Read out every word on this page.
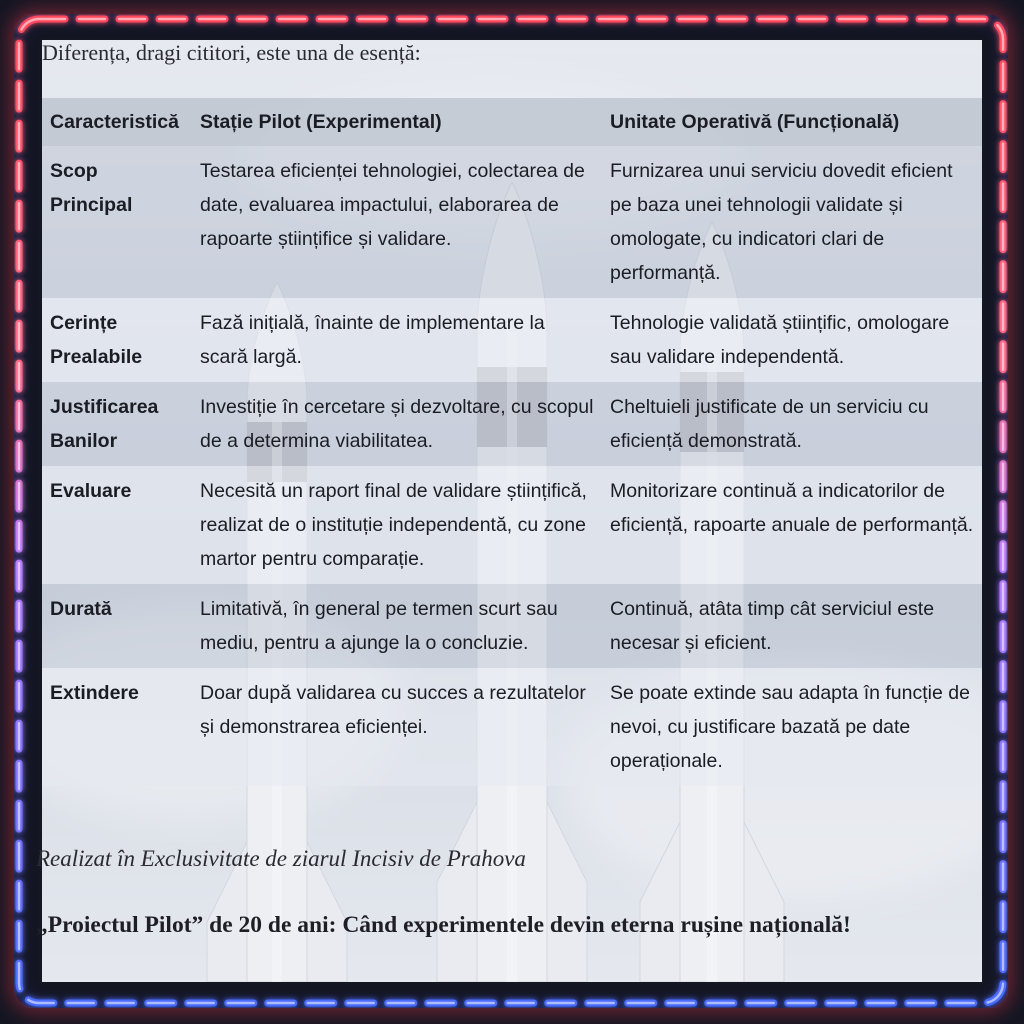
Diferența, dragi cititori, este una de esență:

Caracteristică	Stație Pilot (Experimental)	Unitate Operativă (Funcțională)
Scop Principal	Testarea eficienței tehnologiei, colectarea de date, evaluarea impactului, elaborarea de rapoarte științifice și validare.	Furnizarea unui serviciu dovedit eficient pe baza unei tehnologii validate și omologate, cu indicatori clari de performanță.
Cerințe Prealabile	Fază inițială, înainte de implementare la scară largă.	Tehnologie validată științific, omologare sau validare independentă.
Justificarea Banilor	Investiție în cercetare și dezvoltare, cu scopul de a determina viabilitatea.	Cheltuieli justificate de un serviciu cu eficiență demonstrată.
Evaluare	Necesită un raport final de validare științifică, realizat de o instituție independentă, cu zone martor pentru comparație.	Monitorizare continuă a indicatorilor de eficiență, rapoarte anuale de performanță.
Durată	Limitativă, în general pe termen scurt sau mediu, pentru a ajunge la o concluzie.	Continuă, atâta timp cât serviciul este necesar și eficient.
Extindere	Doar după validarea cu succes a rezultatelor și demonstrarea eficienței.	Se poate extinde sau adapta în funcție de nevoi, cu justificare bazată pe date operaționale.

Realizat în Exclusivitate de ziarul Incisiv de Prahova

„Proiectul Pilot” de 20 de ani: Când experimentele devin eterna rușine națională!
